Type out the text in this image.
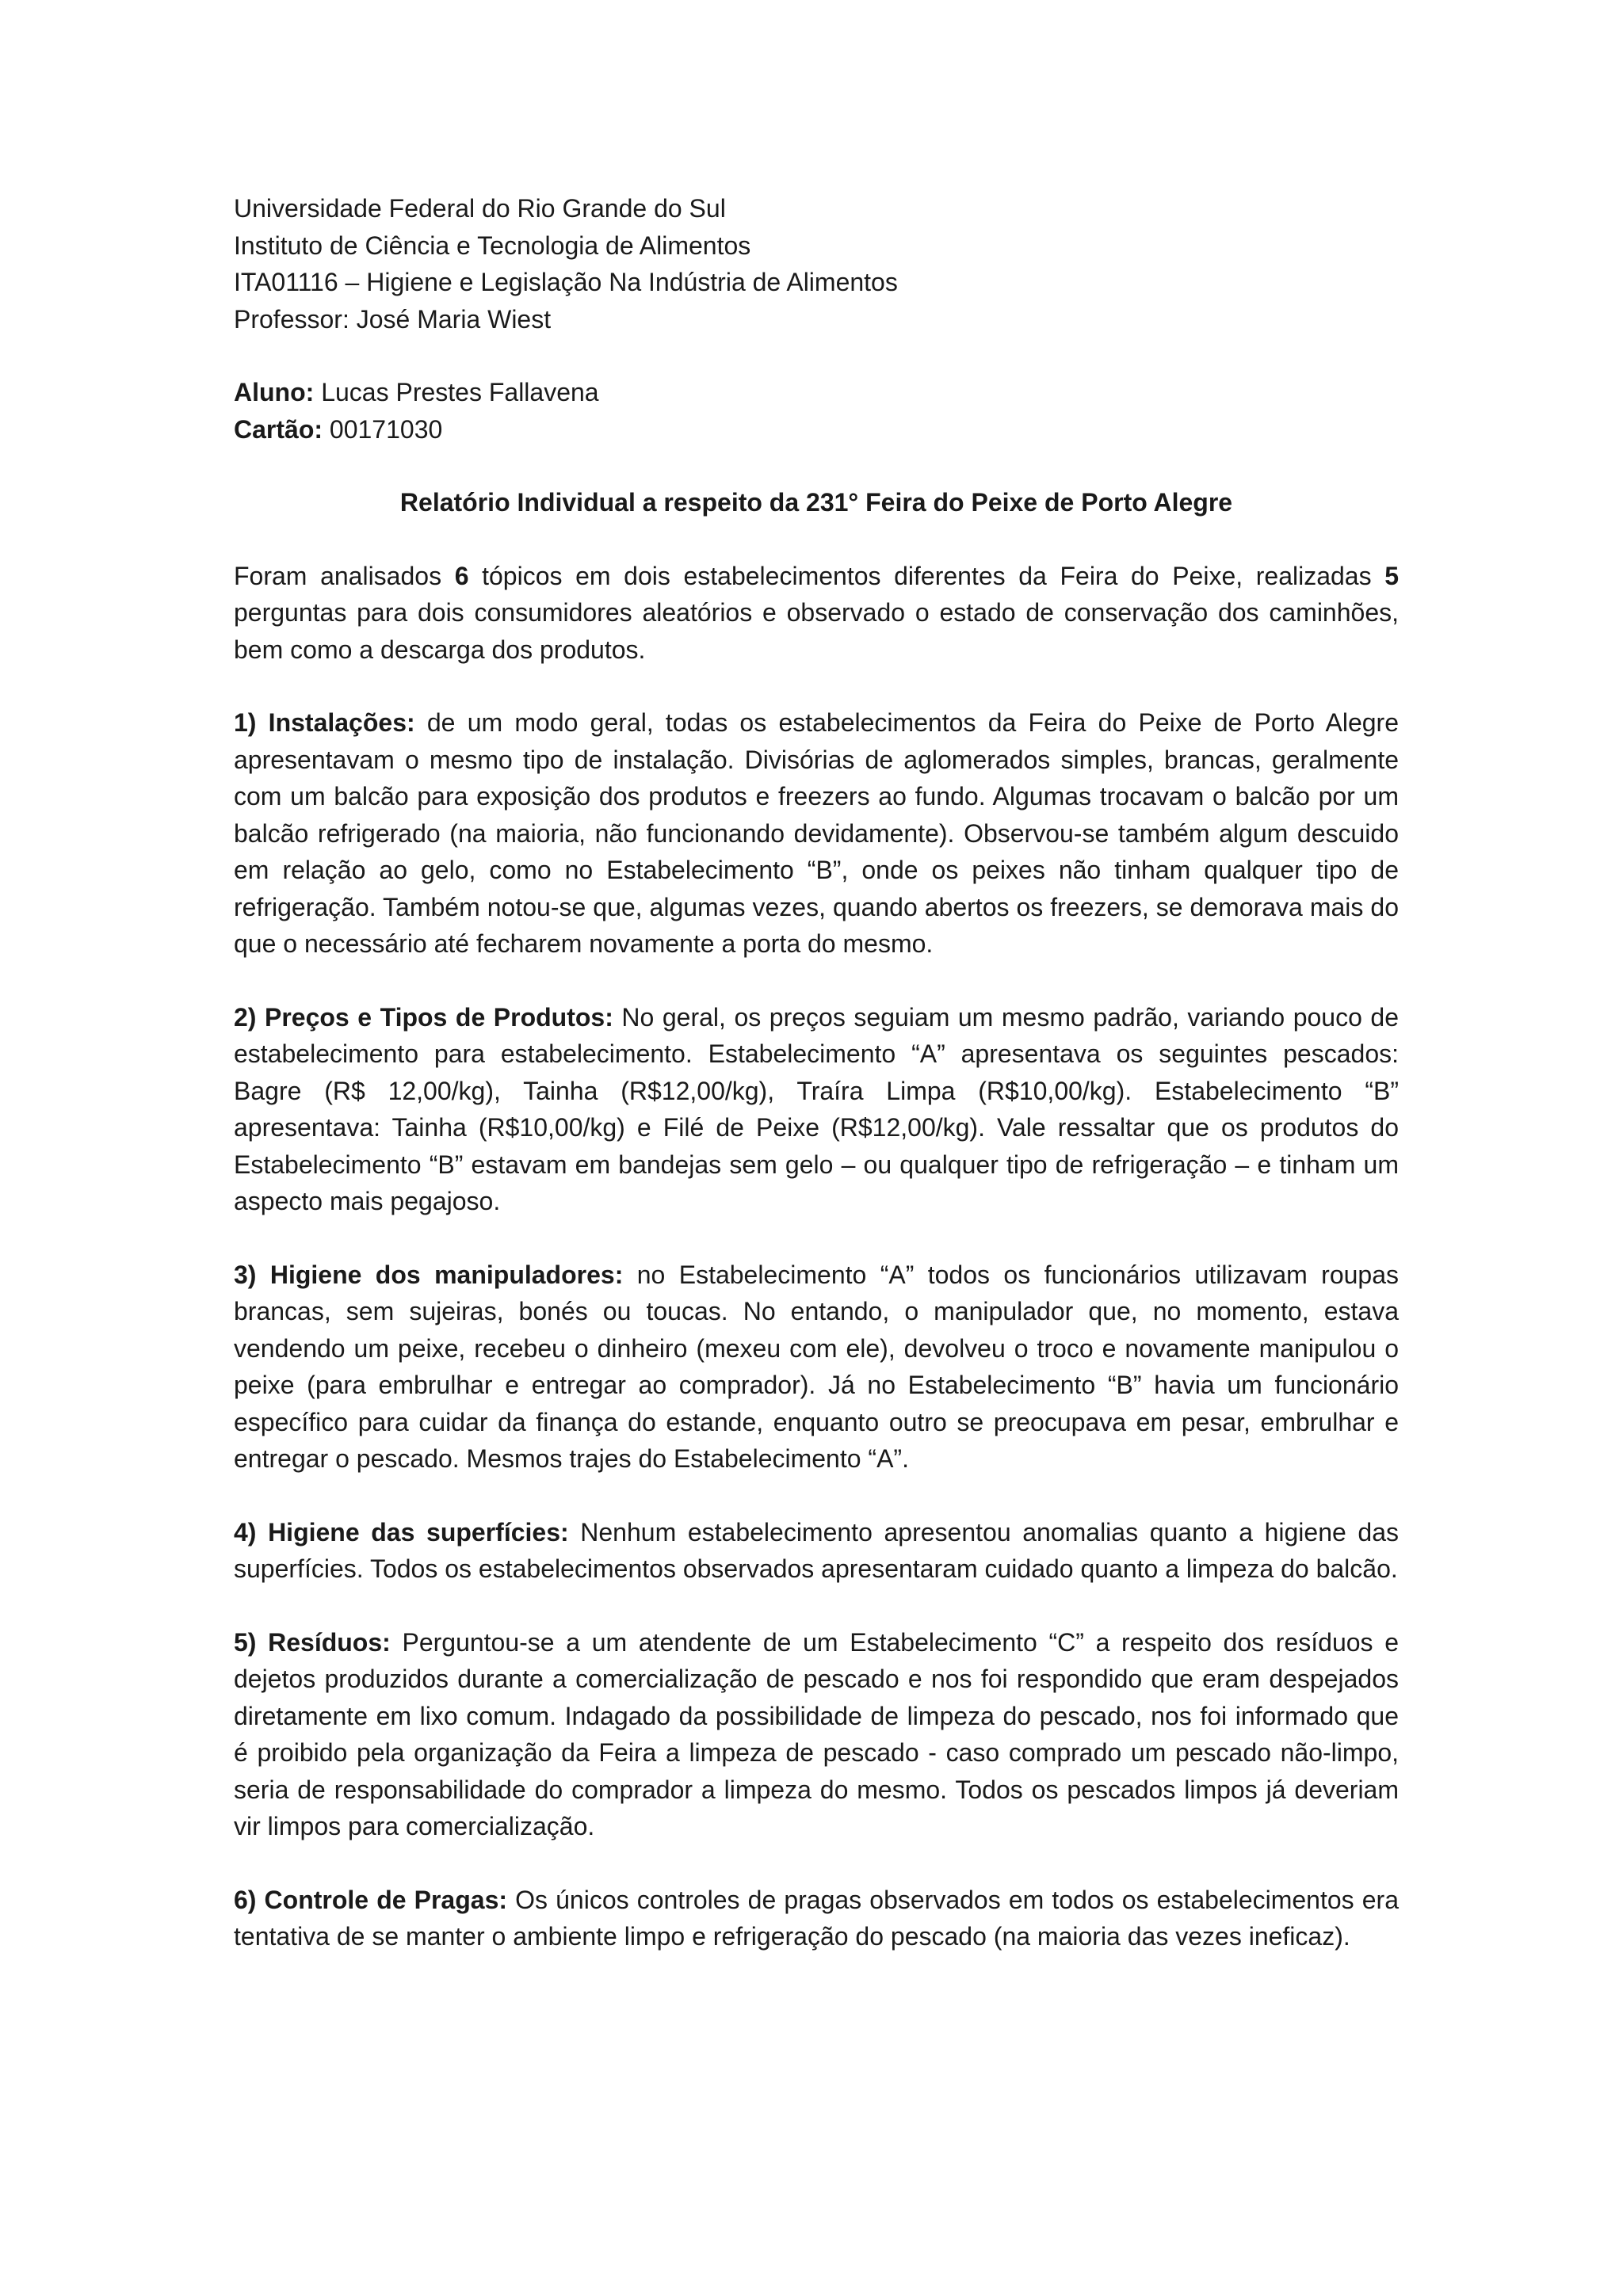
Universidade Federal do Rio Grande do Sul
Instituto de Ciência e Tecnologia de Alimentos
ITA01116 – Higiene e Legislação Na Indústria de Alimentos
Professor: José Maria Wiest
Aluno: Lucas Prestes Fallavena
Cartão: 00171030
Relatório Individual a respeito da 231° Feira do Peixe de Porto Alegre

Foram analisados 6 tópicos em dois estabelecimentos diferentes da Feira do Peixe, realizadas 5 perguntas para dois consumidores aleatórios e observado o estado de conservação dos caminhões, bem como a descarga dos produtos.

1) Instalações: de um modo geral, todas os estabelecimentos da Feira do Peixe de Porto Alegre apresentavam o mesmo tipo de instalação. Divisórias de aglomerados simples, brancas, geralmente com um balcão para exposição dos produtos e freezers ao fundo. Algumas trocavam o balcão por um balcão refrigerado (na maioria, não funcionando devidamente). Observou-se também algum descuido em relação ao gelo, como no Estabelecimento “B”, onde os peixes não tinham qualquer tipo de refrigeração. Também notou-se que, algumas vezes, quando abertos os freezers, se demorava mais do que o necessário até fecharem novamente a porta do mesmo.

2) Preços e Tipos de Produtos: No geral, os preços seguiam um mesmo padrão, variando pouco de estabelecimento para estabelecimento. Estabelecimento “A” apresentava os seguintes pescados: Bagre (R$ 12,00/kg), Tainha (R$12,00/kg), Traíra Limpa (R$10,00/kg). Estabelecimento “B” apresentava: Tainha (R$10,00/kg) e Filé de Peixe (R$12,00/kg). Vale ressaltar que os produtos do Estabelecimento “B” estavam em bandejas sem gelo – ou qualquer tipo de refrigeração – e tinham um aspecto mais pegajoso.

3) Higiene dos manipuladores: no Estabelecimento “A” todos os funcionários utilizavam roupas brancas, sem sujeiras, bonés ou toucas. No entando, o manipulador que, no momento, estava vendendo um peixe, recebeu o dinheiro (mexeu com ele), devolveu o troco e novamente manipulou o peixe (para embrulhar e entregar ao comprador). Já no Estabelecimento “B” havia um funcionário específico para cuidar da finança do estande, enquanto outro se preocupava em pesar, embrulhar e entregar o pescado. Mesmos trajes do Estabelecimento “A”.

4) Higiene das superfícies: Nenhum estabelecimento apresentou anomalias quanto a higiene das superfícies. Todos os estabelecimentos observados apresentaram cuidado quanto a limpeza do balcão.

5) Resíduos: Perguntou-se a um atendente de um Estabelecimento “C” a respeito dos resíduos e dejetos produzidos durante a comercialização de pescado e nos foi respondido que eram despejados diretamente em lixo comum. Indagado da possibilidade de limpeza do pescado, nos foi informado que é proibido pela organização da Feira a limpeza de pescado - caso comprado um pescado não-limpo, seria de responsabilidade do comprador a limpeza do mesmo. Todos os pescados limpos já deveriam vir limpos para comercialização.

6) Controle de Pragas: Os únicos controles de pragas observados em todos os estabelecimentos era tentativa de se manter o ambiente limpo e refrigeração do pescado (na maioria das vezes ineficaz).
